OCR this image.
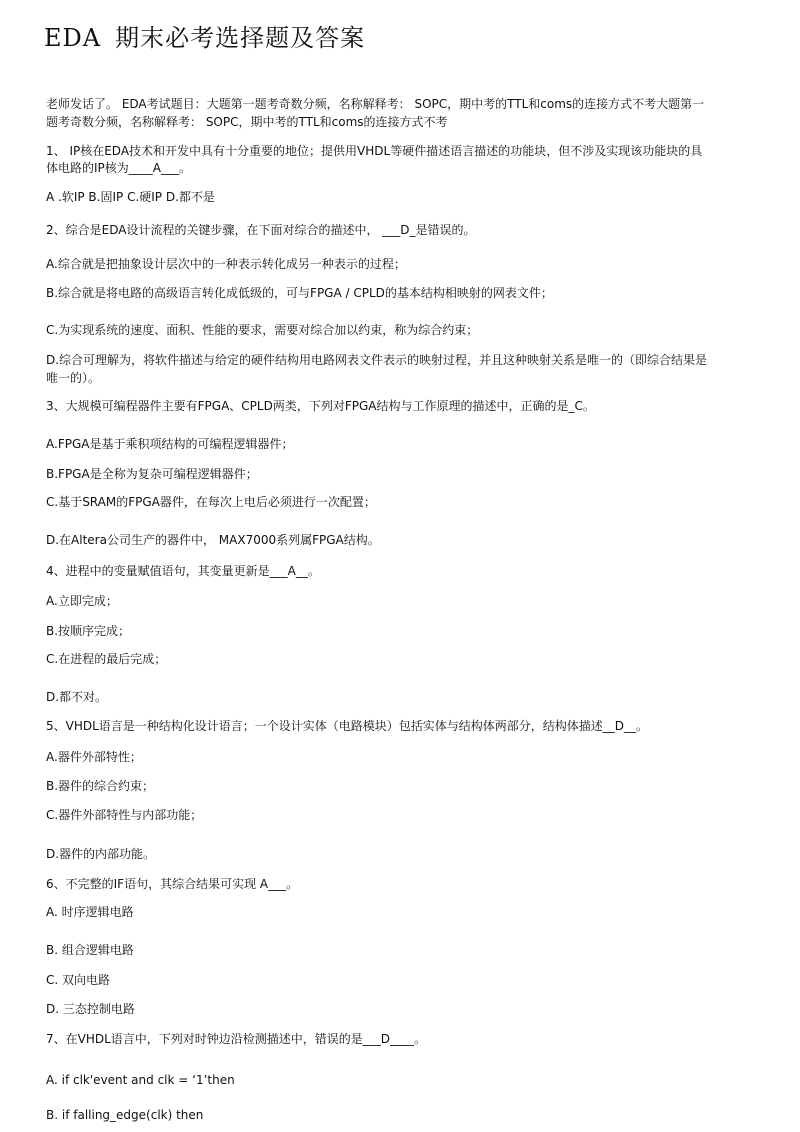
EDA 期末必考选择题及答案
老师发话了。 EDA考试题目：大题第一题考奇数分频，名称解释考： SOPC，期中考的TTL和coms的连接方式不考大题第一
题考奇数分频，名称解释考： SOPC，期中考的TTL和coms的连接方式不考
1、 IP核在EDA技术和开发中具有十分重要的地位；提供用VHDL等硬件描述语言描述的功能块，但不涉及实现该功能块的具
体电路的IP核为____A___。
A .软IP B.固IP C.硬IP D.都不是
2、综合是EDA设计流程的关键步骤，在下面对综合的描述中， ___D_是错误的。
A.综合就是把抽象设计层次中的一种表示转化成另一种表示的过程；
B.综合就是将电路的高级语言转化成低级的，可与FPGA / CPLD的基本结构相映射的网表文件；
C.为实现系统的速度、面积、性能的要求，需要对综合加以约束，称为综合约束；
D.综合可理解为，将软件描述与给定的硬件结构用电路网表文件表示的映射过程，并且这种映射关系是唯一的（即综合结果是
唯一的）。
3、大规模可编程器件主要有FPGA、CPLD两类，下列对FPGA结构与工作原理的描述中，正确的是_C。
A.FPGA是基于乘积项结构的可编程逻辑器件；
B.FPGA是全称为复杂可编程逻辑器件；
C.基于SRAM的FPGA器件，在每次上电后必须进行一次配置；
D.在Altera公司生产的器件中， MAX7000系列属FPGA结构。
4、进程中的变量赋值语句，其变量更新是___A__。
A.立即完成；
B.按顺序完成；
C.在进程的最后完成；
D.都不对。
5、VHDL语言是一种结构化设计语言；一个设计实体（电路模块）包括实体与结构体两部分，结构体描述__D__。
A.器件外部特性；
B.器件的综合约束；
C.器件外部特性与内部功能；
D.器件的内部功能。
6、不完整的IF语句，其综合结果可实现 A___。
A. 时序逻辑电路
B. 组合逻辑电路
C. 双向电路
D. 三态控制电路
7、在VHDL语言中，下列对时钟边沿检测描述中，错误的是___D____。
A. if clk'event and clk = ‘1’then
B. if falling_edge(clk) then
